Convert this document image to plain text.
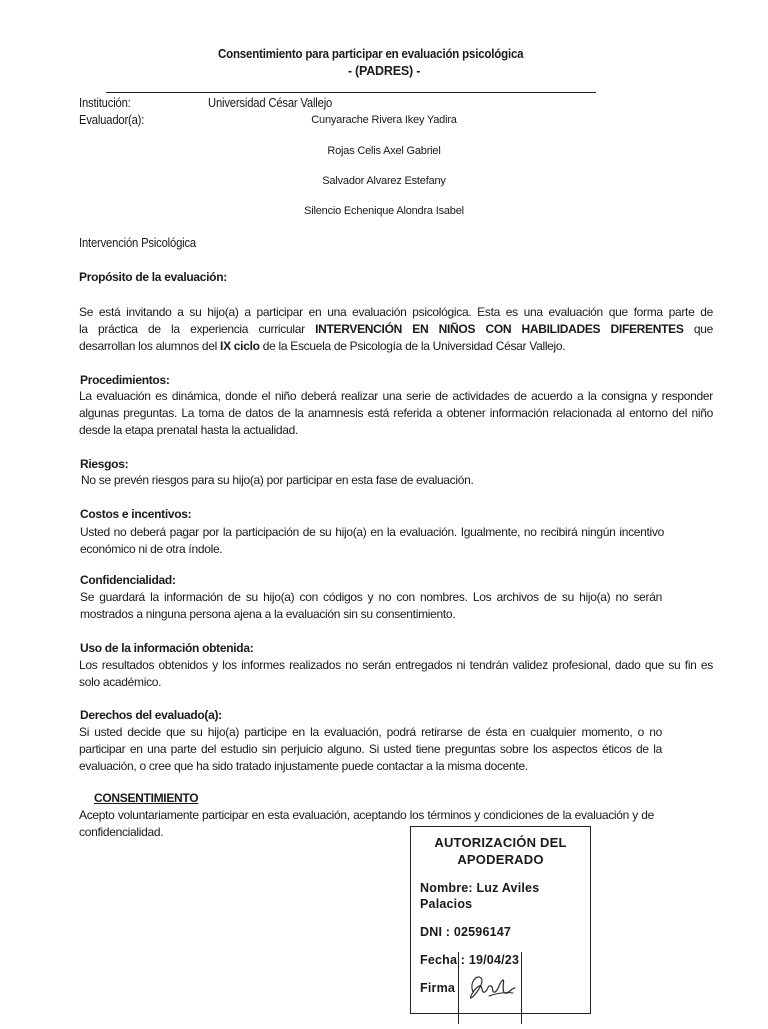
Consentimiento para participar en evaluación psicológica
- (PADRES) -
Institución:	Universidad César Vallejo
Evaluador(a):	Cunyarache Rivera Ikey Yadira
Rojas Celis Axel Gabriel
Salvador Alvarez Estefany
Silencio Echenique Alondra Isabel
Intervención Psicológica
Propósito de la evaluación:
Se está invitando a su hijo(a) a participar en una evaluación psicológica. Esta es una evaluación que forma parte de
la práctica de la experiencia curricular INTERVENCIÓN EN NIÑOS CON HABILIDADES DIFERENTES que
desarrollan los alumnos del IX ciclo de la Escuela de Psicología de la Universidad César Vallejo.
Procedimientos:
La evaluación es dinámica, donde el niño deberá realizar una serie de actividades de acuerdo a la consigna y responder
algunas preguntas. La toma de datos de la anamnesis está referida a obtener información relacionada al entorno del niño
desde la etapa prenatal hasta la actualidad.
Riesgos:
No se prevén riesgos para su hijo(a) por participar en esta fase de evaluación.
Costos e incentivos:
Usted no deberá pagar por la participación de su hijo(a) en la evaluación. Igualmente, no recibirá ningún incentivo
económico ni de otra índole.
Confidencialidad:
Se guardará la información de su hijo(a) con códigos y no con nombres. Los archivos de su hijo(a) no serán
mostrados a ninguna persona ajena a la evaluación sin su consentimiento.
Uso de la información obtenida:
Los resultados obtenidos y los informes realizados no serán entregados ni tendrán validez profesional, dado que su fin es
solo académico.
Derechos del evaluado(a):
Si usted decide que su hijo(a) participe en la evaluación, podrá retirarse de ésta en cualquier momento, o no
participar en una parte del estudio sin perjuicio alguno. Si usted tiene preguntas sobre los aspectos éticos de la
evaluación, o cree que ha sido tratado injustamente puede contactar a la misma docente.
CONSENTIMIENTO
Acepto voluntariamente participar en esta evaluación, aceptando los términos y condiciones de la evaluación y de
confidencialidad.
AUTORIZACIÓN DEL
APODERADO
Nombre: Luz Aviles
Palacios
DNI : 02596147
Fecha : 19/04/23
Firma
